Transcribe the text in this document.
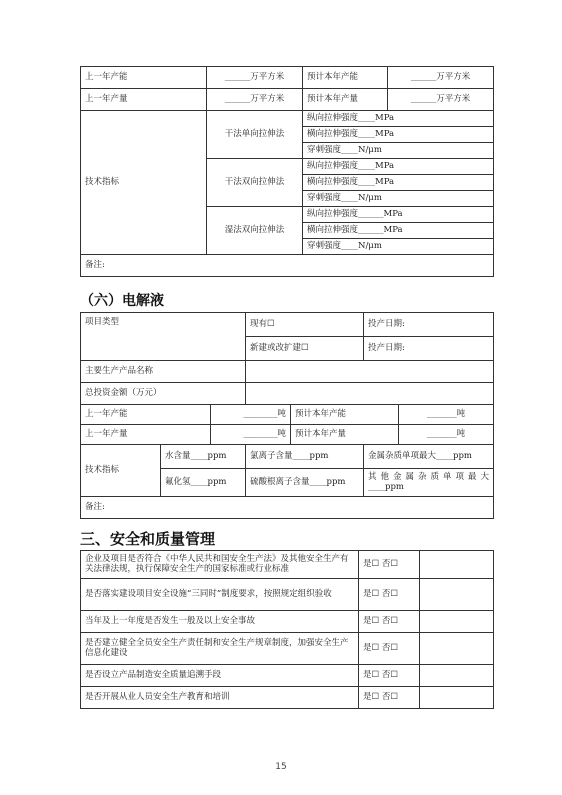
上一年产能	______万平方米	预计本年产能	______万平方米
上一年产量	______万平方米	预计本年产量	______万平方米
技术指标	干法单向拉伸法	纵向拉伸强度____MPa	
		横向拉伸强度____MPa	
		穿刺强度____N/μm	
	干法双向拉伸法	纵向拉伸强度____MPa	
		横向拉伸强度____MPa	
		穿刺强度____N/μm	
	湿法双向拉伸法	纵向拉伸强度______MPa	
		横向拉伸强度______MPa	
		穿刺强度____N/μm	
备注:			
（六）电解液
项目类型			现有☐		投产日期:	
			新建或改扩建☐		投产日期:	
主要生产产品名称						
总投资金额（万元）						
上一年产能		________吨		预计本年产能		_______吨
上一年产量		________吨		预计本年产量		_______吨
技术指标	水含量____ppm		氯离子含量____ppm		金属杂质单项最大____ppm	
	氟化氢____ppm		硫酸根离子含量____ppm		其他金属杂质单项最大
____ppm	

备注:						
三、安全和质量管理
企业及项目是否符合《中华人民共和国安全生产法》及其他安全生产有关法律法规，执行保障安全生产的国家标准或行业标准	是☐ 否☐	
是否落实建设项目安全设施“三同时”制度要求，按照规定组织验收	是☐ 否☐	
当年及上一年度是否发生一般及以上安全事故	是☐ 否☐	
是否建立健全全员安全生产责任制和安全生产规章制度，加强安全生产信息化建设	是☐ 否☐	
是否设立产品制造安全质量追溯手段	是☐ 否☐	
是否开展从业人员安全生产教育和培训	是☐ 否☐	
15
